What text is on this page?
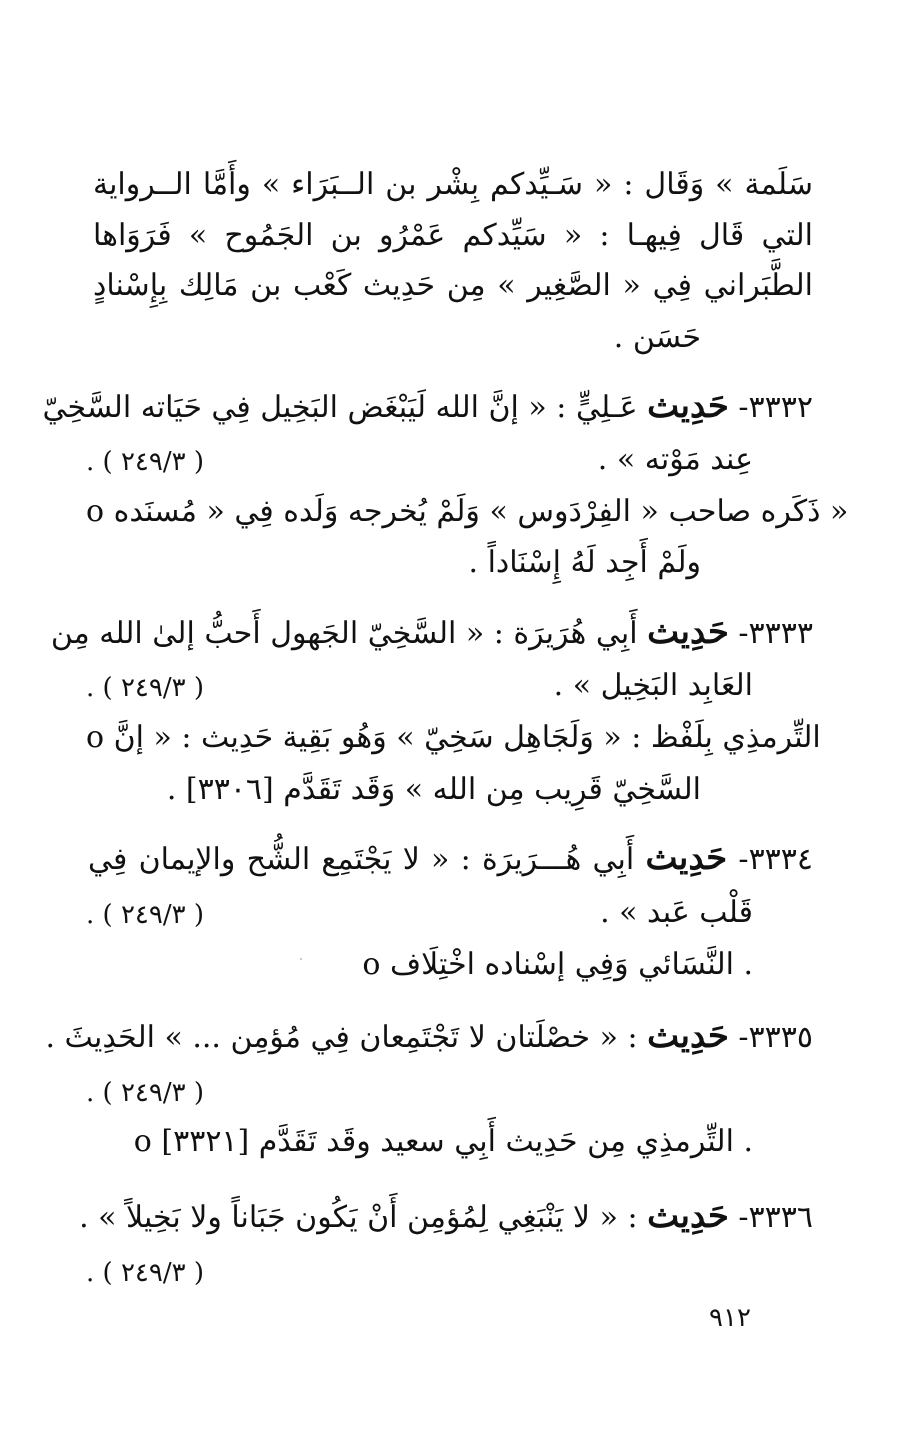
سَلَمة » وَقَال : « سَـيِّدكم بِشْر بن الــبَرَاء » وأَمَّا الــرواية
التي قَال فِيهـا : « سَيِّدكم عَمْرُو بن الجَمُوح » فَرَوَاها
الطَّبَراني فِي « الصَّغِير » مِن حَدِيث كَعْب بن مَالِك بِإِسْنادٍ
حَسَن .
٣٣٣٢- حَدِيث عَـلِيٍّ : « إنَّ الله لَيَبْغَض البَخِيل فِي حَيَاته السَّخِيّ
عِند مَوْته » .
( ٢٤٩/٣ ) .
o ذَكَره صاحب « الفِرْدَوس » وَلَمْ يُخرجه وَلَده فِي « مُسنَده »
ولَمْ أَجِد لَهُ إِسْنَاداً .
٣٣٣٣- حَدِيث أَبِي هُرَيرَة : « السَّخِيّ الجَهول أَحبُّ إلىٰ الله مِن
العَابِد البَخِيل » .
( ٢٤٩/٣ ) .
o التِّرمذِي بِلَفْظ : « وَلَجَاهِل سَخِيّ » وَهُو بَقِية حَدِيث : « إنَّ
السَّخِيّ قَرِيب مِن الله » وَقَد تَقَدَّم [٣٣٠٦] .
٣٣٣٤- حَدِيث أَبِي هُـــرَيرَة : « لا يَجْتَمِع الشُّح والإيمان فِي
قَلْب عَبد » .
( ٢٤٩/٣ ) .
o النَّسَائي وَفِي إسْناده اخْتِلَاف .
٣٣٣٥- حَدِيث : « خصْلَتان لا تَجْتَمِعان فِي مُؤمِن ... » الحَدِيثَ .
( ٢٤٩/٣ ) .
o التِّرمذِي مِن حَدِيث أَبِي سعيد وقَد تَقَدَّم [٣٣٢١] .
٣٣٣٦- حَدِيث : « لا يَنْبَغِي لِمُؤمِن أَنْ يَكُون جَبَاناً ولا بَخِيلاً » .
( ٢٤٩/٣ ) .
٩١٢
